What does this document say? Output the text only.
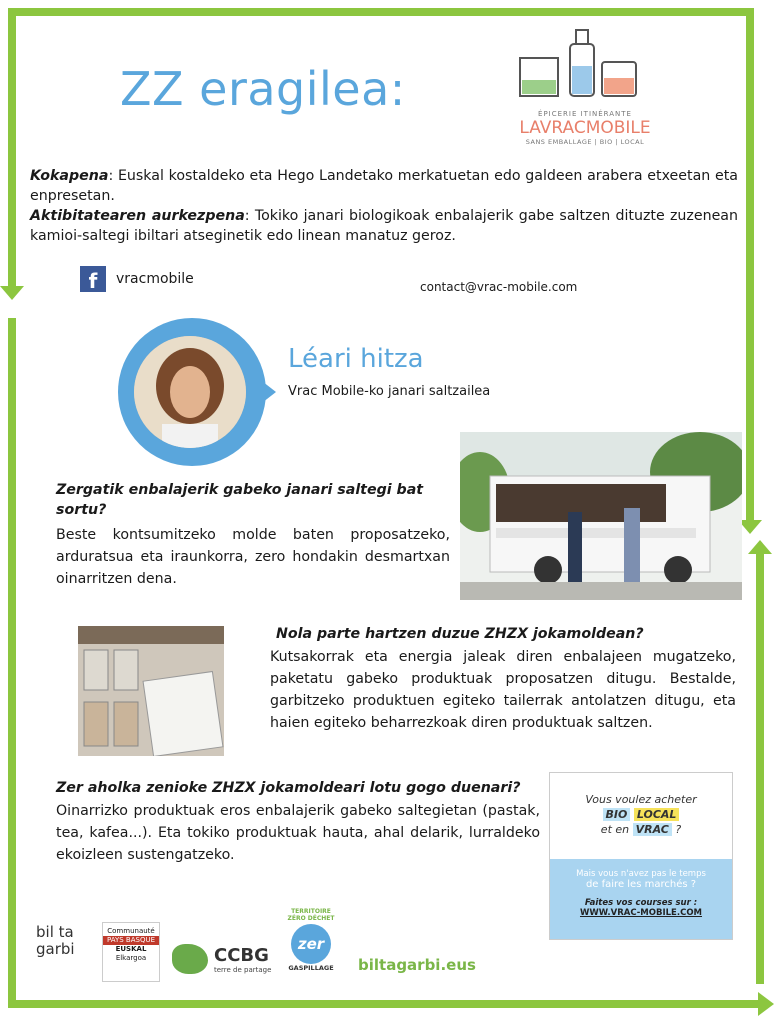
ZZ eragilea:	ÉPICERIE ITINÉRANTE
LAVRACMOBILE
SANS EMBALLAGE | BIO | LOCAL
Kokapena: Euskal kostaldeko eta Hego Landetako merkatuetan edo galdeen arabera etxeetan eta enpresetan.
Aktibitatearen aurkezpena: Tokiko janari biologikoak enbalajerik gabe saltzen dituzte zuzenean kamioi-saltegi ibiltari atseginetik edo linean manatuz geroz.
f	vracmobile	contact@vrac-mobile.com
Léari hitza
Vrac Mobile-ko janari saltzailea
Zergatik enbalajerik gabeko janari saltegi bat sortu?
Beste kontsumitzeko molde baten proposatzeko, arduratsua eta iraunkorra, zero hondakin desmartxan oinarritzen dena.
Nola parte hartzen duzue ZHZX jokamoldean?
Kutsakorrak eta energia jaleak diren enbalajeen mugatzeko, paketatu gabeko produktuak proposatzen ditugu. Bestalde, garbitzeko produktuen egiteko tailerrak antolatzen ditugu, eta haien egiteko beharrezkoak diren produktuak saltzen.
Zer aholka zenioke ZHZX jokamoldeari lotu gogo duenari?
Oinarrizko produktuak eros enbalajerik gabeko saltegietan (pastak, tea, kafea...). Eta tokiko produktuak hauta, ahal delarik, lurraldeko ekoizleen sustengatzeko.
Vous voulez acheter
BIO LOCAL
et en VRAC ?
Mais vous n'avez pas le temps
de faire les marchés ?
Faites vos courses sur :
WWW.VRAC-MOBILE.COM
bil ta garbi
Communauté
PAYS BASQUE
EUSKAL
Elkargoa	CCBG
terre de partage
TERRITOIRE ZÉRO DÉCHET
zer
GASPILLAGE biltagarbi.eus
